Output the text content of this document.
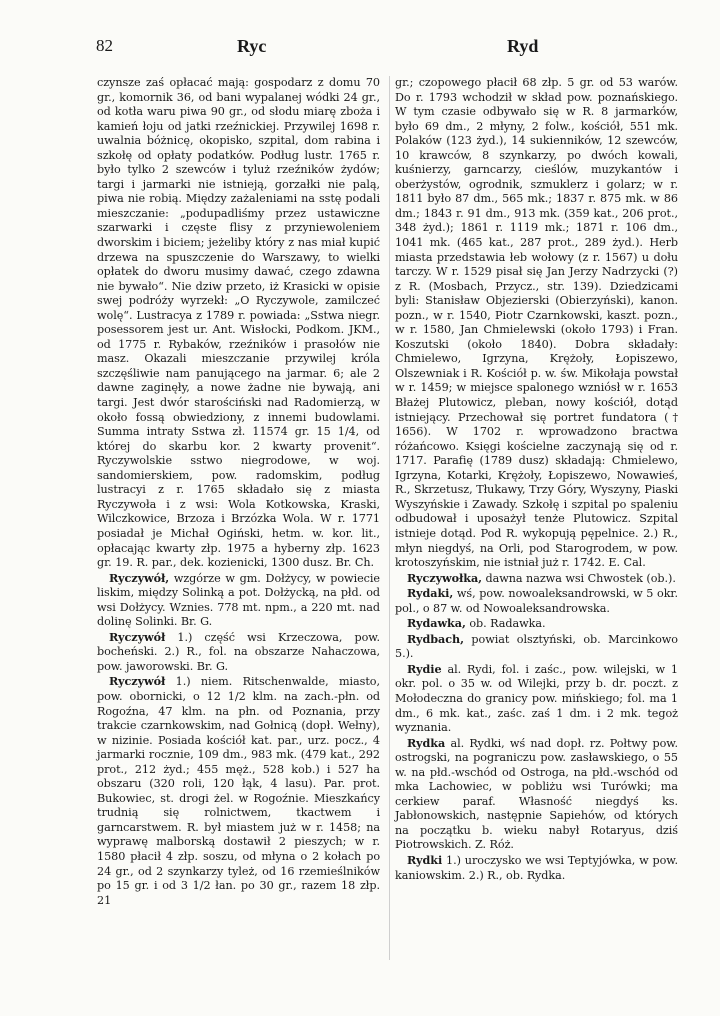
82	Ryc	Ryd

czynsze zaś opłacać mają: gospodarz z domu 70 gr., komornik 36, od bani wypalanej wódki 24 gr., od kotła waru piwa 90 gr., od słodu miarę zboża i kamień łoju od jatki rzeźnickiej. Przywilej 1698 r. uwalnia bóżnicę, okopisko, szpital, dom rabina i szkołę od opłaty podatków. Podług lustr. 1765 r. było tylko 2 szewców i tyluż rzeźników żydów; targi i jarmarki nie istnieją, gorzałki nie palą, piwa nie robią. Między zażaleniami na sstę podali mieszczanie: „podupadliśmy przez ustawiczne szarwarki i częste flisy z przyniewoleniem dworskim i biciem; jeżeliby który z nas miał kupić drzewa na spuszczenie do Warszawy, to wielki opłatek do dworu musimy dawać, czego zdawna nie bywało“. Nie dziw przeto, iż Krasicki w opisie swej podróży wyrzekł: „O Ryczywole, zamilczeć wolę“. Lustracya z 1789 r. powiada: „Sstwa niegr. posessorem jest ur. Ant. Wisłocki, Podkom. JKM., od 1775 r. Rybaków, rzeźników i prasołów nie masz. Okazali mieszczanie przywilej króla szczęśliwie nam panującego na jarmar. 6; ale 2 dawne zaginęły, a nowe żadne nie bywają, ani targi. Jest dwór starościński nad Radomierzą, w około fossą obwiedziony, z innemi budowlami. Summa intraty Sstwa zł. 11574 gr. 15 1/4, od której do skarbu kor. 2 kwarty provenit“. Ryczywolskie sstwo niegrodowe, w woj. sandomierskiem, pow. radomskim, podług lustracyi z r. 1765 składało się z miasta Ryczywoła i z wsi: Wola Kotkowska, Kraski, Wilczkowice, Brzoza i Brzózka Wola. W r. 1771 posiadał je Michał Ogiński, hetm. w. kor. lit., opłacając kwarty złp. 1975 a hyberny złp. 1623 gr. 19. R. par., dek. kozienicki, 1300 dusz. Br. Ch.

Ryczywół, wzgórze w gm. Dołżycy, w powiecie liskim, między Solinką a pot. Dołżycką, na płd. od wsi Dołżycy. Wznies. 778 mt. npm., a 220 mt. nad dolinę Solinki. Br. G.

Ryczywół 1.) część wsi Krzeczowa, pow. bocheński. 2.) R., fol. na obszarze Nahaczowa, pow. jaworowski. Br. G.

Ryczywół 1.) niem. Ritschenwalde, miasto, pow. obornicki, o 12 1/2 klm. na zach.-płn. od Rogoźna, 47 klm. na płn. od Poznania, przy trakcie czarnkowskim, nad Gołnicą (dopł. Wełny), w nizinie. Posiada kościół kat. par., urz. pocz., 4 jarmarki rocznie, 109 dm., 983 mk. (479 kat., 292 prot., 212 żyd.; 455 męż., 528 kob.) i 527 ha obszaru (320 roli, 120 łąk, 4 lasu). Par. prot. Bukowiec, st. drogi żel. w Rogoźnie. Mieszkańcy trudnią się rolnictwem, tkactwem i garncarstwem. R. był miastem już w r. 1458; na wyprawę malborską dostawił 2 pieszych; w r. 1580 płacił 4 złp. soszu, od młyna o 2 kołach po 24 gr., od 2 szynkarzy tyleż, od 16 rzemieślników po 15 gr. i od 3 1/2 łan. po 30 gr., razem 18 złp. 21

gr.; czopowego płacił 68 złp. 5 gr. od 53 warów. Do r. 1793 wchodził w skład pow. poznańskiego. W tym czasie odbywało się w R. 8 jarmarków, było 69 dm., 2 młyny, 2 folw., kościół, 551 mk. Polaków (123 żyd.), 14 sukienników, 12 szewców, 10 krawców, 8 szynkarzy, po dwóch kowali, kuśnierzy, garncarzy, cieślów, muzykantów i oberżystów, ogrodnik, szmuklerz i golarz; w r. 1811 było 87 dm., 565 mk.; 1837 r. 875 mk. w 86 dm.; 1843 r. 91 dm., 913 mk. (359 kat., 206 prot., 348 żyd.); 1861 r. 1119 mk.; 1871 r. 106 dm., 1041 mk. (465 kat., 287 prot., 289 żyd.). Herb miasta przedstawia łeb wołowy (z r. 1567) u dołu tarczy. W r. 1529 pisał się Jan Jerzy Nadrzycki (?) z R. (Mosbach, Przycz., str. 139). Dziedzicami byli: Stanisław Objezierski (Obierzyński), kanon. pozn., w r. 1540, Piotr Czarnkowski, kaszt. pozn., w r. 1580, Jan Chmielewski (około 1793) i Fran. Koszutski (około 1840). Dobra składały: Chmielewo, Igrzyna, Krężoły, Łopiszewo, Olszewniak i R. Kościół p. w. św. Mikołaja powstał w r. 1459; w miejsce spalonego wzniósł w r. 1653 Błażej Plutowicz, pleban, nowy kościół, dotąd istniejący. Przechował się portret fundatora († 1656). W 1702 r. wprowadzono bractwa różańcowo. Księgi kościelne zaczynają się od r. 1717. Parafię (1789 dusz) składają: Chmielewo, Igrzyna, Kotarki, Krężoły, Łopiszewo, Nowawieś, R., Skrzetusz, Tłukawy, Trzy Góry, Wyszyny, Piaski Wyszyńskie i Zawady. Szkołę i szpital po spaleniu odbudował i uposażył tenże Plutowicz. Szpital istnieje dotąd. Pod R. wykopują pępelnice. 2.) R., młyn niegdyś, na Orli, pod Starogrodem, w pow. krotoszyńskim, nie istniał już r. 1742. E. Cal.

Ryczywołka, dawna nazwa wsi Chwostek (ob.).

Rydaki, wś, pow. nowoaleksandrowski, w 5 okr. pol., o 87 w. od Nowoaleksandrowska.

Rydawka, ob. Radawka.

Rydbach, powiat olsztyński, ob. Marcinkowo 5.).

Rydie al. Rydi, fol. i zaśc., pow. wilejski, w 1 okr. pol. o 35 w. od Wilejki, przy b. dr. poczt. z Mołodeczna do granicy pow. mińskiego; fol. ma 1 dm., 6 mk. kat., zaśc. zaś 1 dm. i 2 mk. tegoż wyznania.

Rydka al. Rydki, wś nad dopł. rz. Połtwy pow. ostrogski, na pograniczu pow. zasławskiego, o 55 w. na płd.-wschód od Ostroga, na płd.-wschód od mka Lachowiec, w pobliżu wsi Turówki; ma cerkiew paraf. Własność niegdyś ks. Jabłonowskich, następnie Sapiehów, od których na początku b. wieku nabył Rotaryus, dziś Piotrowskich. Z. Róż.

Rydki 1.) uroczysko we wsi Teptyjówka, w pow. kaniowskim. 2.) R., ob. Rydka.
